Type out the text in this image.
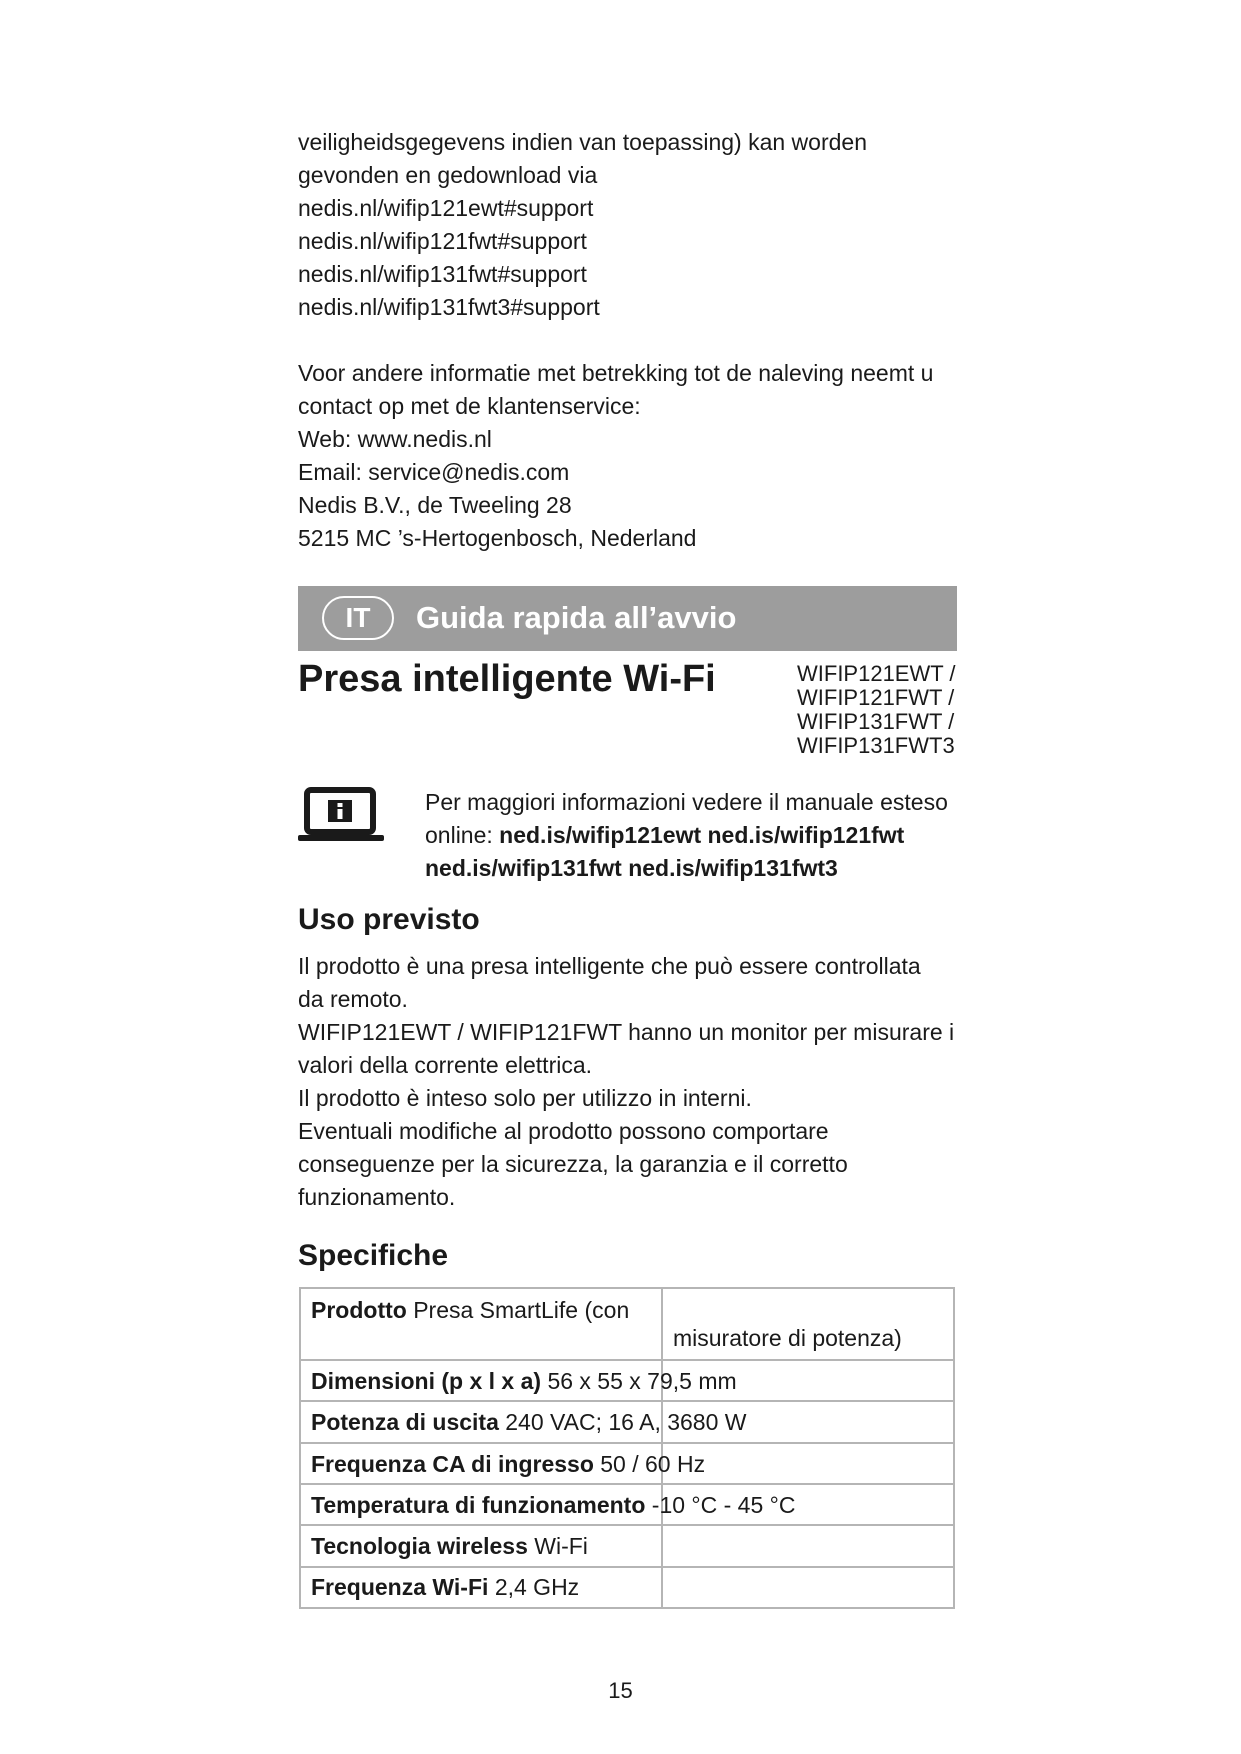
veiligheidsgegevens indien van toepassing) kan worden
gevonden en gedownload via
nedis.nl/wifip121ewt#support
nedis.nl/wifip121fwt#support
nedis.nl/wifip131fwt#support
nedis.nl/wifip131fwt3#support
Voor andere informatie met betrekking tot de naleving neemt u
contact op met de klantenservice:
Web: www.nedis.nl
Email: service@nedis.com
Nedis B.V., de Tweeling 28
5215 MC ’s-Hertogenbosch, Nederland
IT	Guida rapida all’avvio
Presa intelligente Wi-Fi	WIFIP121EWT /
WIFIP121FWT /
WIFIP131FWT /
WIFIP131FWT3
Per maggiori informazioni vedere il manuale esteso
online: ned.is/wifip121ewt ned.is/wifip121fwt
ned.is/wifip131fwt ned.is/wifip131fwt3
Uso previsto
Il prodotto è una presa intelligente che può essere controllata
da remoto.
WIFIP121EWT / WIFIP121FWT hanno un monitor per misurare i
valori della corrente elettrica.
Il prodotto è inteso solo per utilizzo in interni.
Eventuali modifiche al prodotto possono comportare
conseguenze per la sicurezza, la garanzia e il corretto
funzionamento.
Specifiche
Prodotto Presa SmartLife (con
misuratore di potenza)
Dimensioni (p x l x a) 56 x 55 x 79,5 mm
Potenza di uscita 240 VAC; 16 A, 3680 W
Frequenza CA di ingresso 50 / 60 Hz
Temperatura di funzionamento -10 °C - 45 °C
Tecnologia wireless Wi-Fi
Frequenza Wi-Fi 2,4 GHz
15
